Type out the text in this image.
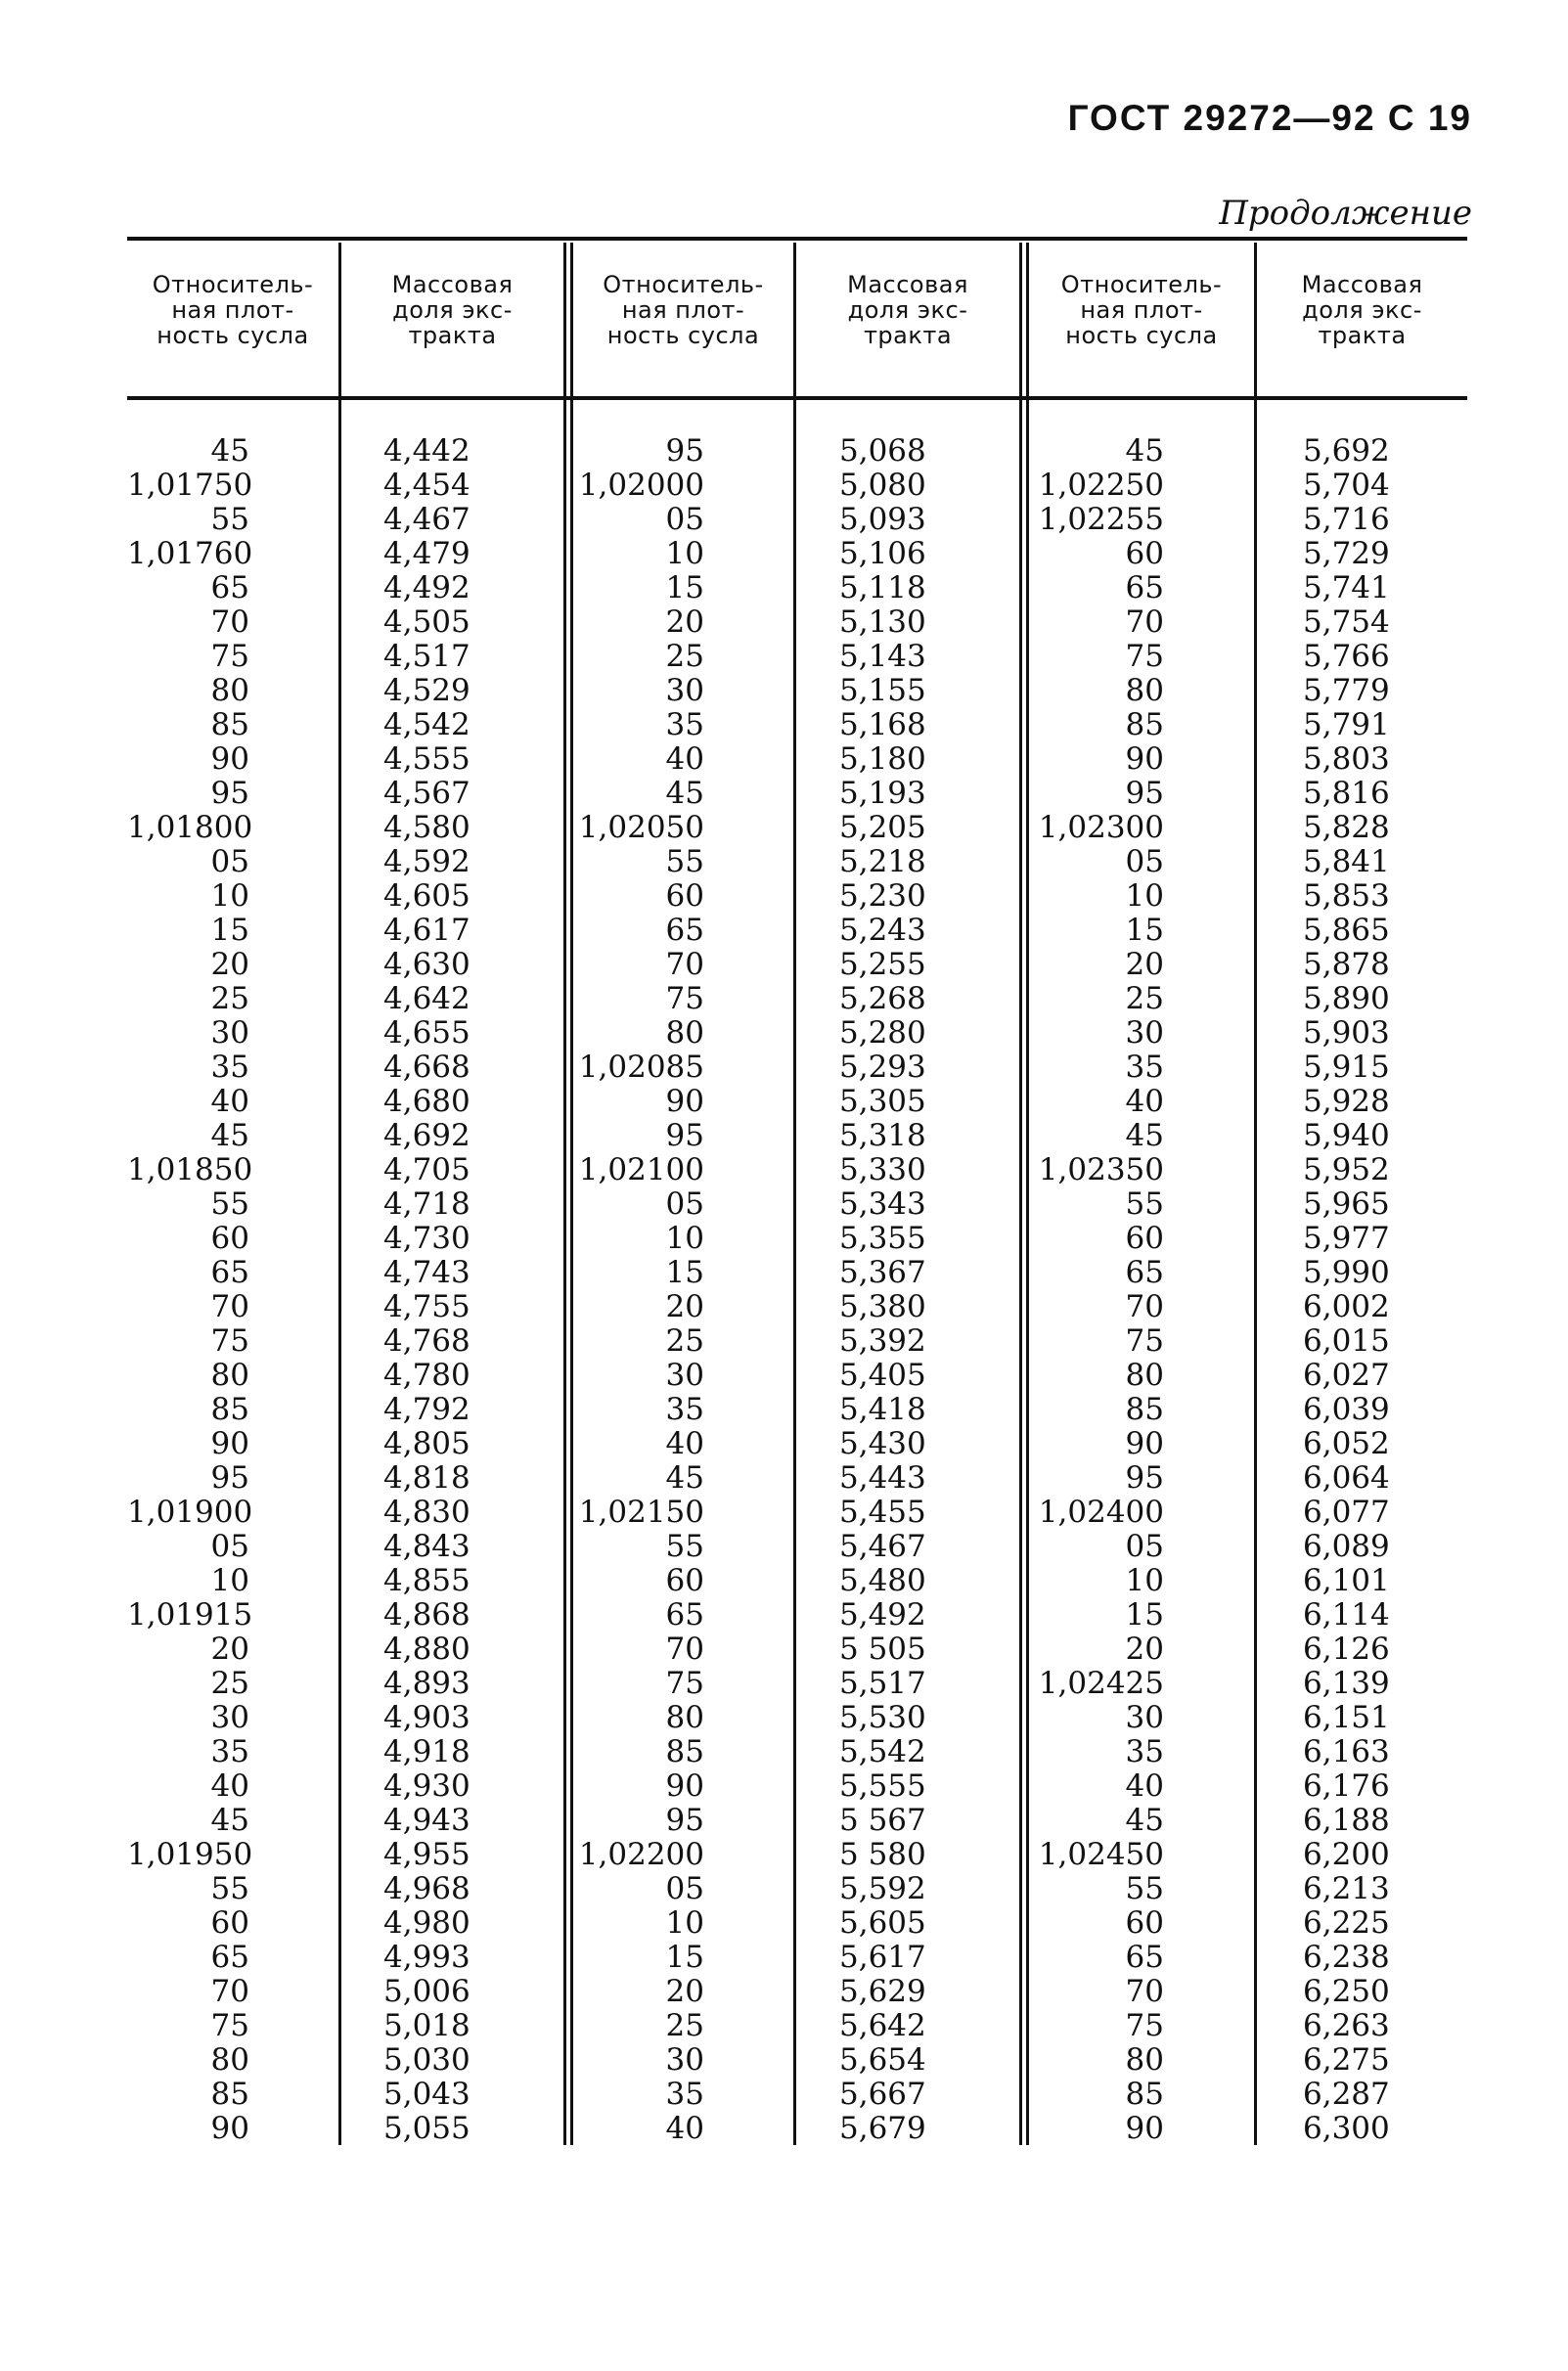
ГОСТ 29272—92 С 19
Продолжение
Относитель-
ная плот-
ность сусла
Массовая
доля экс-
тракта
Относитель-
ная плот-
ность сусла
Массовая
доля экс-
тракта
Относитель-
ная плот-
ность сусла
Массовая
доля экс-
тракта
45
1,01750
55
1,01760
65
70
75
80
85
90
95
1,01800
05
10
15
20
25
30
35
40
45
1,01850
55
60
65
70
75
80
85
90
95
1,01900
05
10
1,01915
20
25
30
35
40
45
1,01950
55
60
65
70
75
80
85
90
4,442
4,454
4,467
4,479
4,492
4,505
4,517
4,529
4,542
4,555
4,567
4,580
4,592
4,605
4,617
4,630
4,642
4,655
4,668
4,680
4,692
4,705
4,718
4,730
4,743
4,755
4,768
4,780
4,792
4,805
4,818
4,830
4,843
4,855
4,868
4,880
4,893
4,903
4,918
4,930
4,943
4,955
4,968
4,980
4,993
5,006
5,018
5,030
5,043
5,055
95
1,02000
05
10
15
20
25
30
35
40
45
1,02050
55
60
65
70
75
80
1,02085
90
95
1,02100
05
10
15
20
25
30
35
40
45
1,02150
55
60
65
70
75
80
85
90
95
1,02200
05
10
15
20
25
30
35
40
5,068
5,080
5,093
5,106
5,118
5,130
5,143
5,155
5,168
5,180
5,193
5,205
5,218
5,230
5,243
5,255
5,268
5,280
5,293
5,305
5,318
5,330
5,343
5,355
5,367
5,380
5,392
5,405
5,418
5,430
5,443
5,455
5,467
5,480
5,492
5 505
5,517
5,530
5,542
5,555
5 567
5 580
5,592
5,605
5,617
5,629
5,642
5,654
5,667
5,679
45
1,02250
1,02255
60
65
70
75
80
85
90
95
1,02300
05
10
15
20
25
30
35
40
45
1,02350
55
60
65
70
75
80
85
90
95
1,02400
05
10
15
20
1,02425
30
35
40
45
1,02450
55
60
65
70
75
80
85
90
5,692
5,704
5,716
5,729
5,741
5,754
5,766
5,779
5,791
5,803
5,816
5,828
5,841
5,853
5,865
5,878
5,890
5,903
5,915
5,928
5,940
5,952
5,965
5,977
5,990
6,002
6,015
6,027
6,039
6,052
6,064
6,077
6,089
6,101
6,114
6,126
6,139
6,151
6,163
6,176
6,188
6,200
6,213
6,225
6,238
6,250
6,263
6,275
6,287
6,300
